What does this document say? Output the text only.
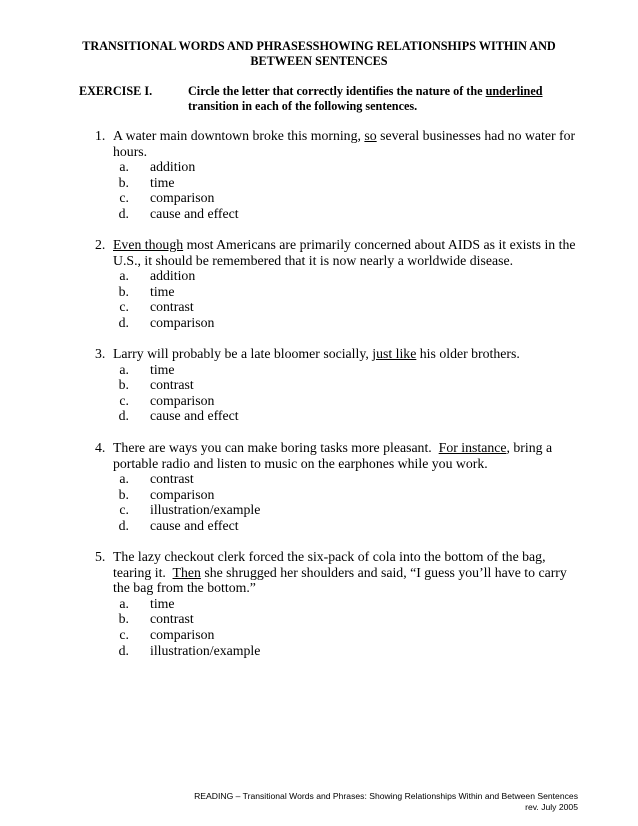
TRANSITIONAL WORDS AND PHRASESSHOWING RELATIONSHIPS WITHIN AND
BETWEEN SENTENCES
EXERCISE I.	Circle the letter that correctly identifies the nature of the underlined
transition in each of the following sentences.
1. A water main downtown broke this morning, so several businesses had no water for hours.
a. addition
b. time
c. comparison
d. cause and effect
2. Even though most Americans are primarily concerned about AIDS as it exists in the U.S., it should be remembered that it is now nearly a worldwide disease.
a. addition
b. time
c. contrast
d. comparison
3. Larry will probably be a late bloomer socially, just like his older brothers.
a. time
b. contrast
c. comparison
d. cause and effect
4. There are ways you can make boring tasks more pleasant. For instance, bring a portable radio and listen to music on the earphones while you work.
a. contrast
b. comparison
c. illustration/example
d. cause and effect
5. The lazy checkout clerk forced the six-pack of cola into the bottom of the bag, tearing it. Then she shrugged her shoulders and said, “I guess you’ll have to carry the bag from the bottom.”
a. time
b. contrast
c. comparison
d. illustration/example
READING – Transitional Words and Phrases: Showing Relationships Within and Between Sentences
rev. July 2005
